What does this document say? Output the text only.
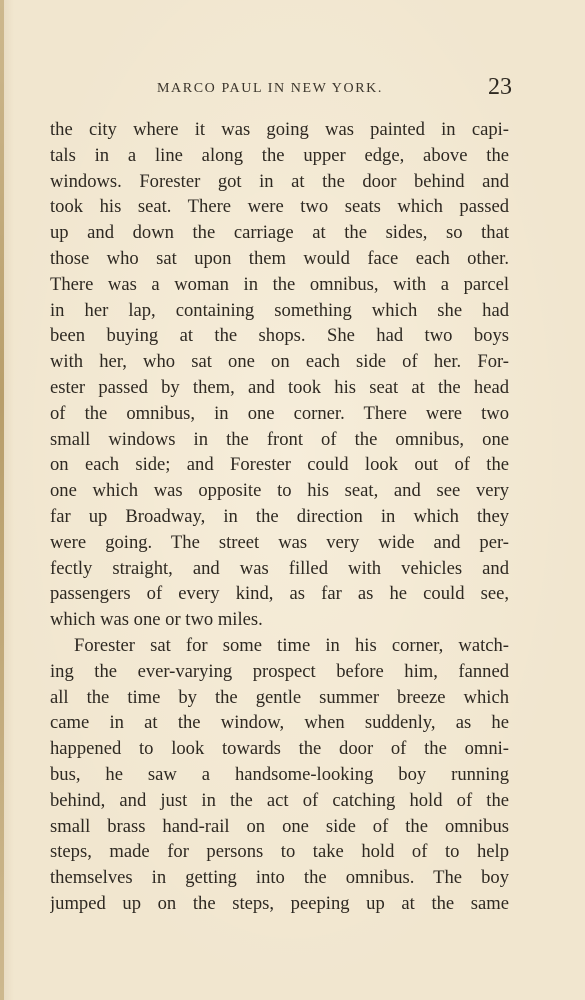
MARCO PAUL IN NEW YORK.	23
the city where it was going was painted in capi-
tals in a line along the upper edge, above the
windows. Forester got in at the door behind and
took his seat. There were two seats which passed
up and down the carriage at the sides, so that
those who sat upon them would face each other.
There was a woman in the omnibus, with a parcel
in her lap, containing something which she had
been buying at the shops. She had two boys
with her, who sat one on each side of her. For-
ester passed by them, and took his seat at the head
of the omnibus, in one corner. There were two
small windows in the front of the omnibus, one
on each side; and Forester could look out of the
one which was opposite to his seat, and see very
far up Broadway, in the direction in which they
were going. The street was very wide and per-
fectly straight, and was filled with vehicles and
passengers of every kind, as far as he could see,
which was one or two miles.
Forester sat for some time in his corner, watch-
ing the ever-varying prospect before him, fanned
all the time by the gentle summer breeze which
came in at the window, when suddenly, as he
happened to look towards the door of the omni-
bus, he saw a handsome-looking boy running
behind, and just in the act of catching hold of the
small brass hand-rail on one side of the omnibus
steps, made for persons to take hold of to help
themselves in getting into the omnibus. The boy
jumped up on the steps, peeping up at the same
